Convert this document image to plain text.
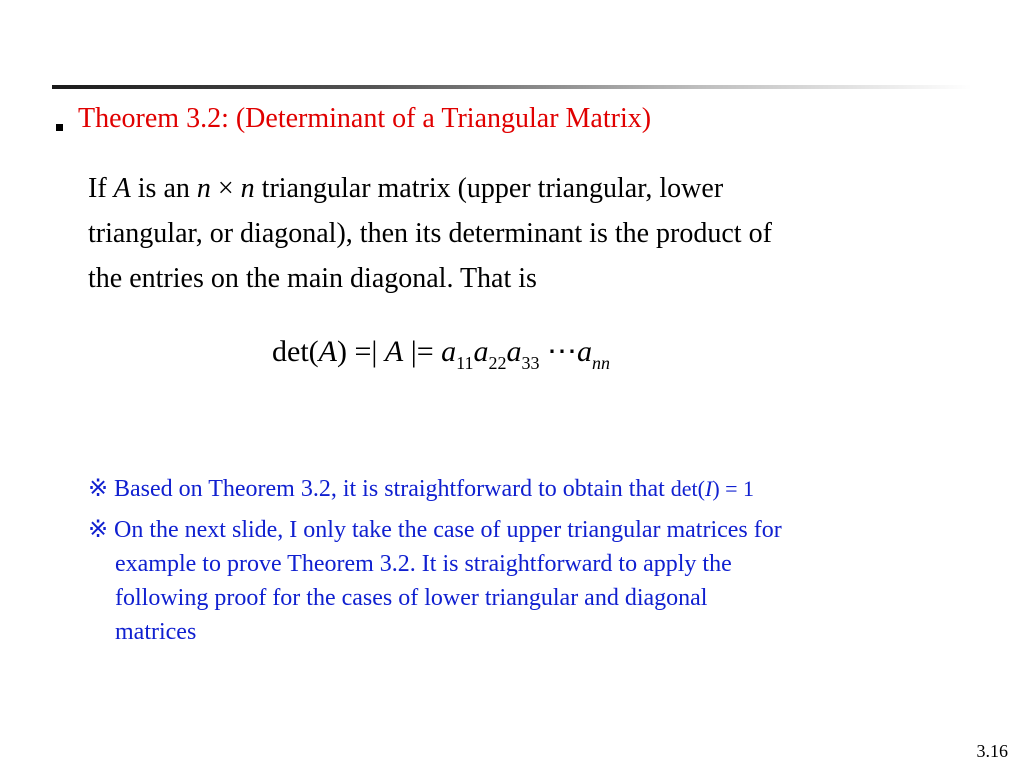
Theorem 3.2: (Determinant of a Triangular Matrix)
If A is an n × n triangular matrix (upper triangular, lower
triangular, or diagonal), then its determinant is the product of
the entries on the main diagonal. That is
det(A) =| A |= $a_{11}a_{22}a_{33}$ $\cdots a_{nn}$
※ Based on Theorem 3.2, it is straightforward to obtain that det(I) = 1
※ On the next slide, I only take the case of upper triangular matrices for
example to prove Theorem 3.2. It is straightforward to apply the
following proof for the cases of lower triangular and diagonal
matrices
3.16
